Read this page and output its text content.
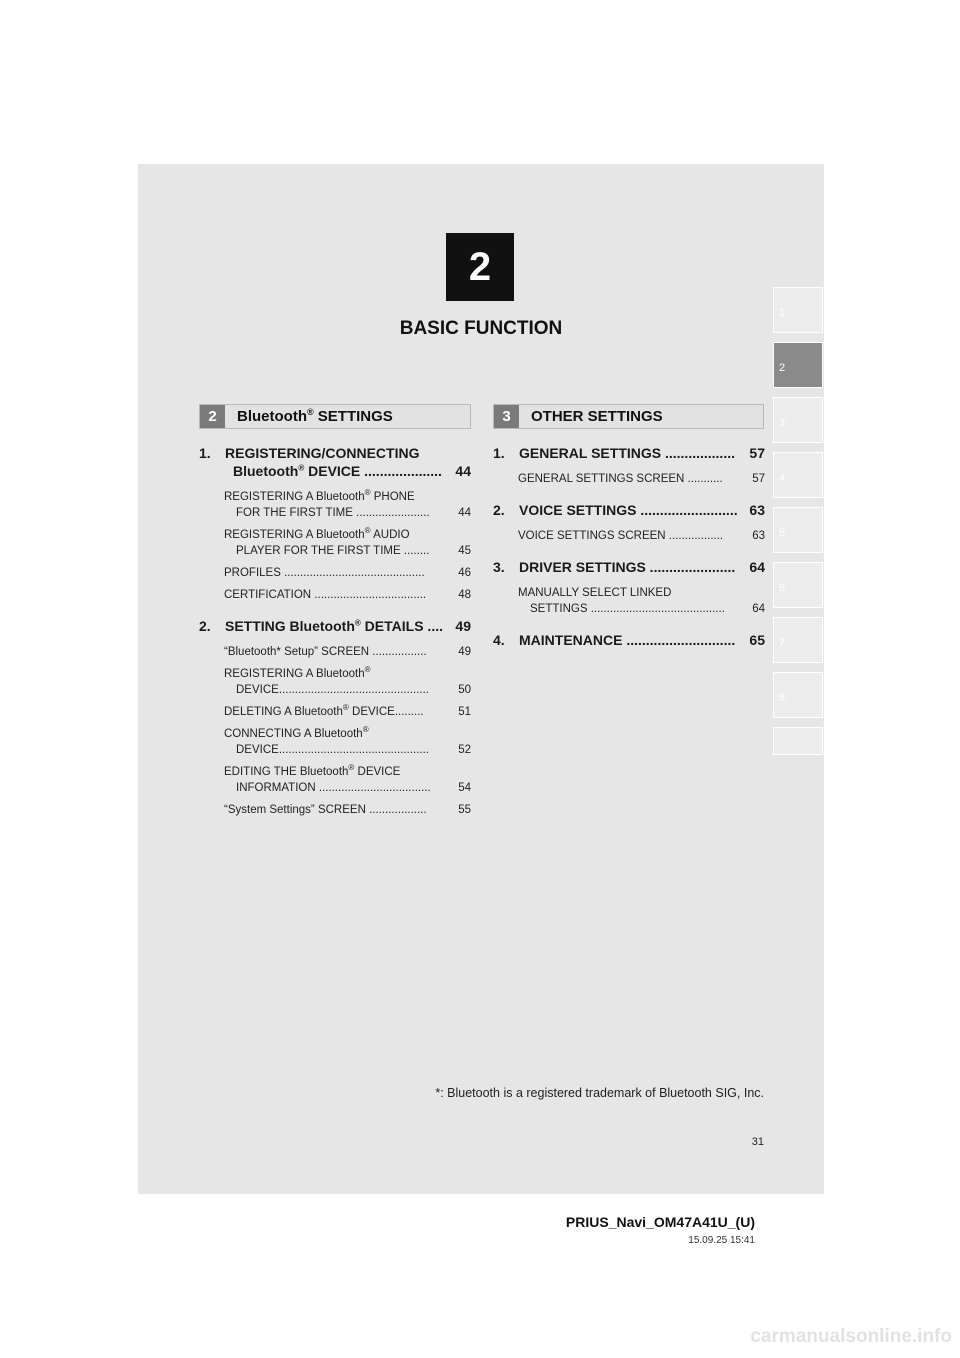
2
BASIC FUNCTION
1
2
3
4
5
6
7
8
2	Bluetooth® SETTINGS	3	OTHER SETTINGS
1.	REGISTERING/CONNECTING
Bluetooth® DEVICE .................... 44
REGISTERING A Bluetooth® PHONE
FOR THE FIRST TIME .......................	44
REGISTERING A Bluetooth® AUDIO
PLAYER FOR THE FIRST TIME ........	45
PROFILES ............................................	46
CERTIFICATION ...................................	48
2.	SETTING Bluetooth® DETAILS .... 49
“Bluetooth* Setup” SCREEN .................	49
REGISTERING A Bluetooth®
DEVICE...............................................	50
DELETING A Bluetooth® DEVICE.........	51
CONNECTING A Bluetooth®
DEVICE...............................................	52
EDITING THE Bluetooth® DEVICE
INFORMATION ...................................	54
“System Settings” SCREEN ..................	55
1.	GENERAL SETTINGS ..................	57
GENERAL SETTINGS SCREEN ...........	57
2.	VOICE SETTINGS ......................... 63
VOICE SETTINGS SCREEN .................	63
3.	DRIVER SETTINGS ......................	64
MANUALLY SELECT LINKED
SETTINGS ..........................................	64
4.	MAINTENANCE ............................	65
*: Bluetooth is a registered trademark of Bluetooth SIG, Inc.
31
PRIUS_Navi_OM47A41U_(U)
15.09.25 15:41
carmanualsonline.info
